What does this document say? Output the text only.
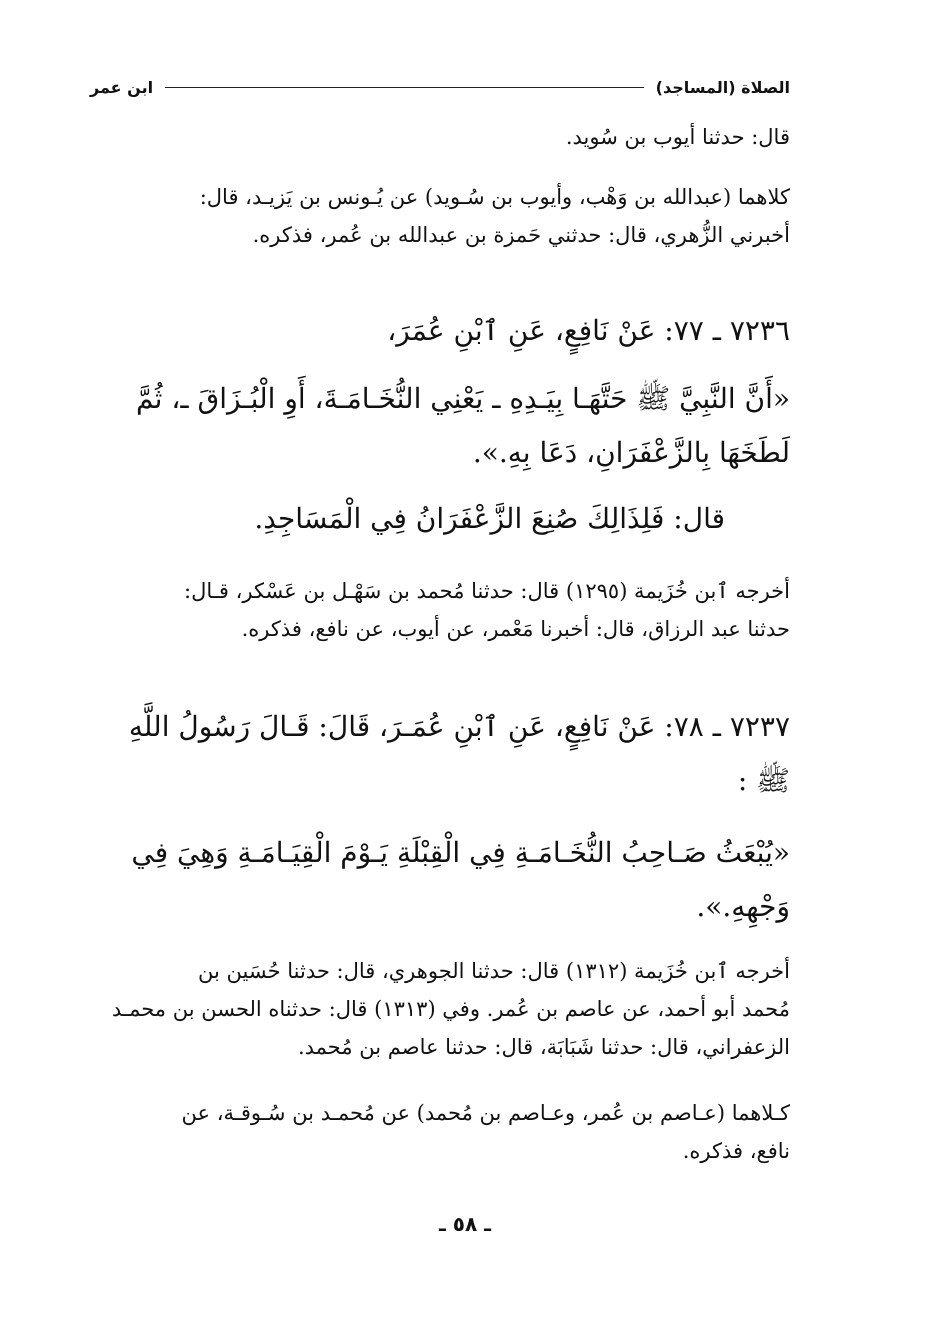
ابن عمر	الصلاة (المساجد)
قال: حدثنا أيوب بن سُويد.
كلاهما (عبدالله بن وَهْب، وأيوب بن سُـويد) عن يُـونس بن يَزيـد، قال:
أخبرني الزُّهري، قال: حدثني حَمزة بن عبدالله بن عُمر، فذكره.
٧٢٣٦ ـ ٧٧: عَنْ نَافِعٍ، عَنِ ٱبْنِ عُمَرَ،
«أَنَّ النَّبِيَّ ﷺ حَتَّهَـا بِيَـدِهِ ـ يَعْنِي النُّخَـامَـةَ، أَوِ الْبُـزَاقَ ـ، ثُمَّ
لَطَخَهَا بِالزَّعْفَرَانِ، دَعَا بِهِ.».
قال: فَلِذَالِكَ صُنِعَ الزَّعْفَرَانُ فِي الْمَسَاجِدِ.
أخرجه ٱبن خُزَيمة (١٢٩٥) قال: حدثنا مُحمد بن سَهْـل بن عَسْكر، قـال:
حدثنا عبد الرزاق، قال: أخبرنا مَعْمر، عن أيوب، عن نافع، فذكره.
٧٢٣٧ ـ ٧٨: عَنْ نَافِعٍ، عَنِ ٱبْنِ عُمَـرَ، قَالَ: قَـالَ رَسُولُ اللَّهِ
ﷺ :
«يُبْعَثُ صَـاحِبُ النُّخَـامَـةِ فِي الْقِبْلَةِ يَـوْمَ الْقِيَـامَـةِ وَهِيَ فِي
وَجْهِهِ.».
أخرجه ٱبن خُزَيمة (١٣١٢) قال: حدثنا الجوهري، قال: حدثنا حُسَين بن
مُحمد أبو أحمد، عن عاصم بن عُمر. وفي (١٣١٣) قال: حدثناه الحسن بن محمـد
الزعفراني، قال: حدثنا شَبَابَة، قال: حدثنا عاصم بن مُحمد.
كـلاهما (عـاصم بن عُمر، وعـاصم بن مُحمد) عن مُحمـد بن سُـوقـة، عن
نافع، فذكره.
ـ ٥٨ ـ
